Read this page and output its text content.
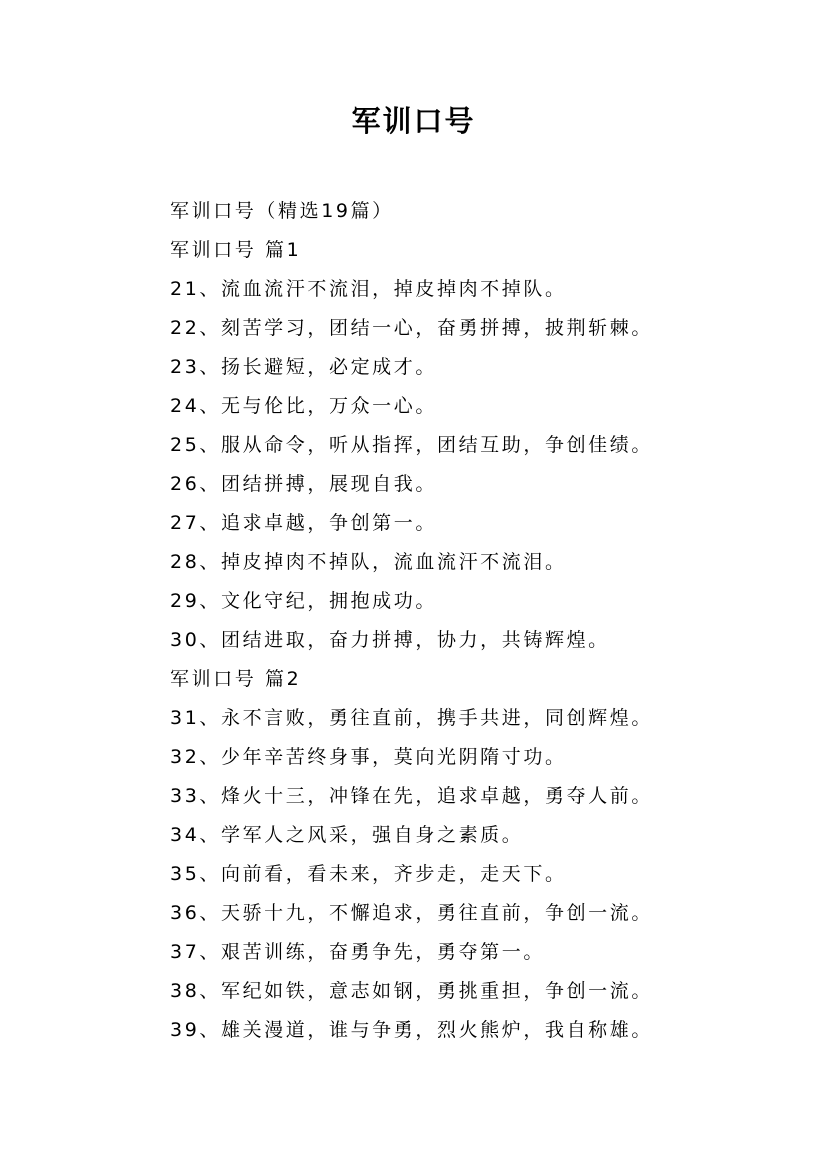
军训口号
军训口号（精选19篇）
军训口号 篇1
21、流血流汗不流泪，掉皮掉肉不掉队。
22、刻苦学习，团结一心，奋勇拼搏，披荆斩棘。
23、扬长避短，必定成才。
24、无与伦比，万众一心。
25、服从命令，听从指挥，团结互助，争创佳绩。
26、团结拼搏，展现自我。
27、追求卓越，争创第一。
28、掉皮掉肉不掉队，流血流汗不流泪。
29、文化守纪，拥抱成功。
30、团结进取，奋力拼搏，协力，共铸辉煌。
军训口号 篇2
31、永不言败，勇往直前，携手共进，同创辉煌。
32、少年辛苦终身事，莫向光阴隋寸功。
33、烽火十三，冲锋在先，追求卓越，勇夺人前。
34、学军人之风采，强自身之素质。
35、向前看，看未来，齐步走，走天下。
36、天骄十九，不懈追求，勇往直前，争创一流。
37、艰苦训练，奋勇争先，勇夺第一。
38、军纪如铁，意志如钢，勇挑重担，争创一流。
39、雄关漫道，谁与争勇，烈火熊炉，我自称雄。
